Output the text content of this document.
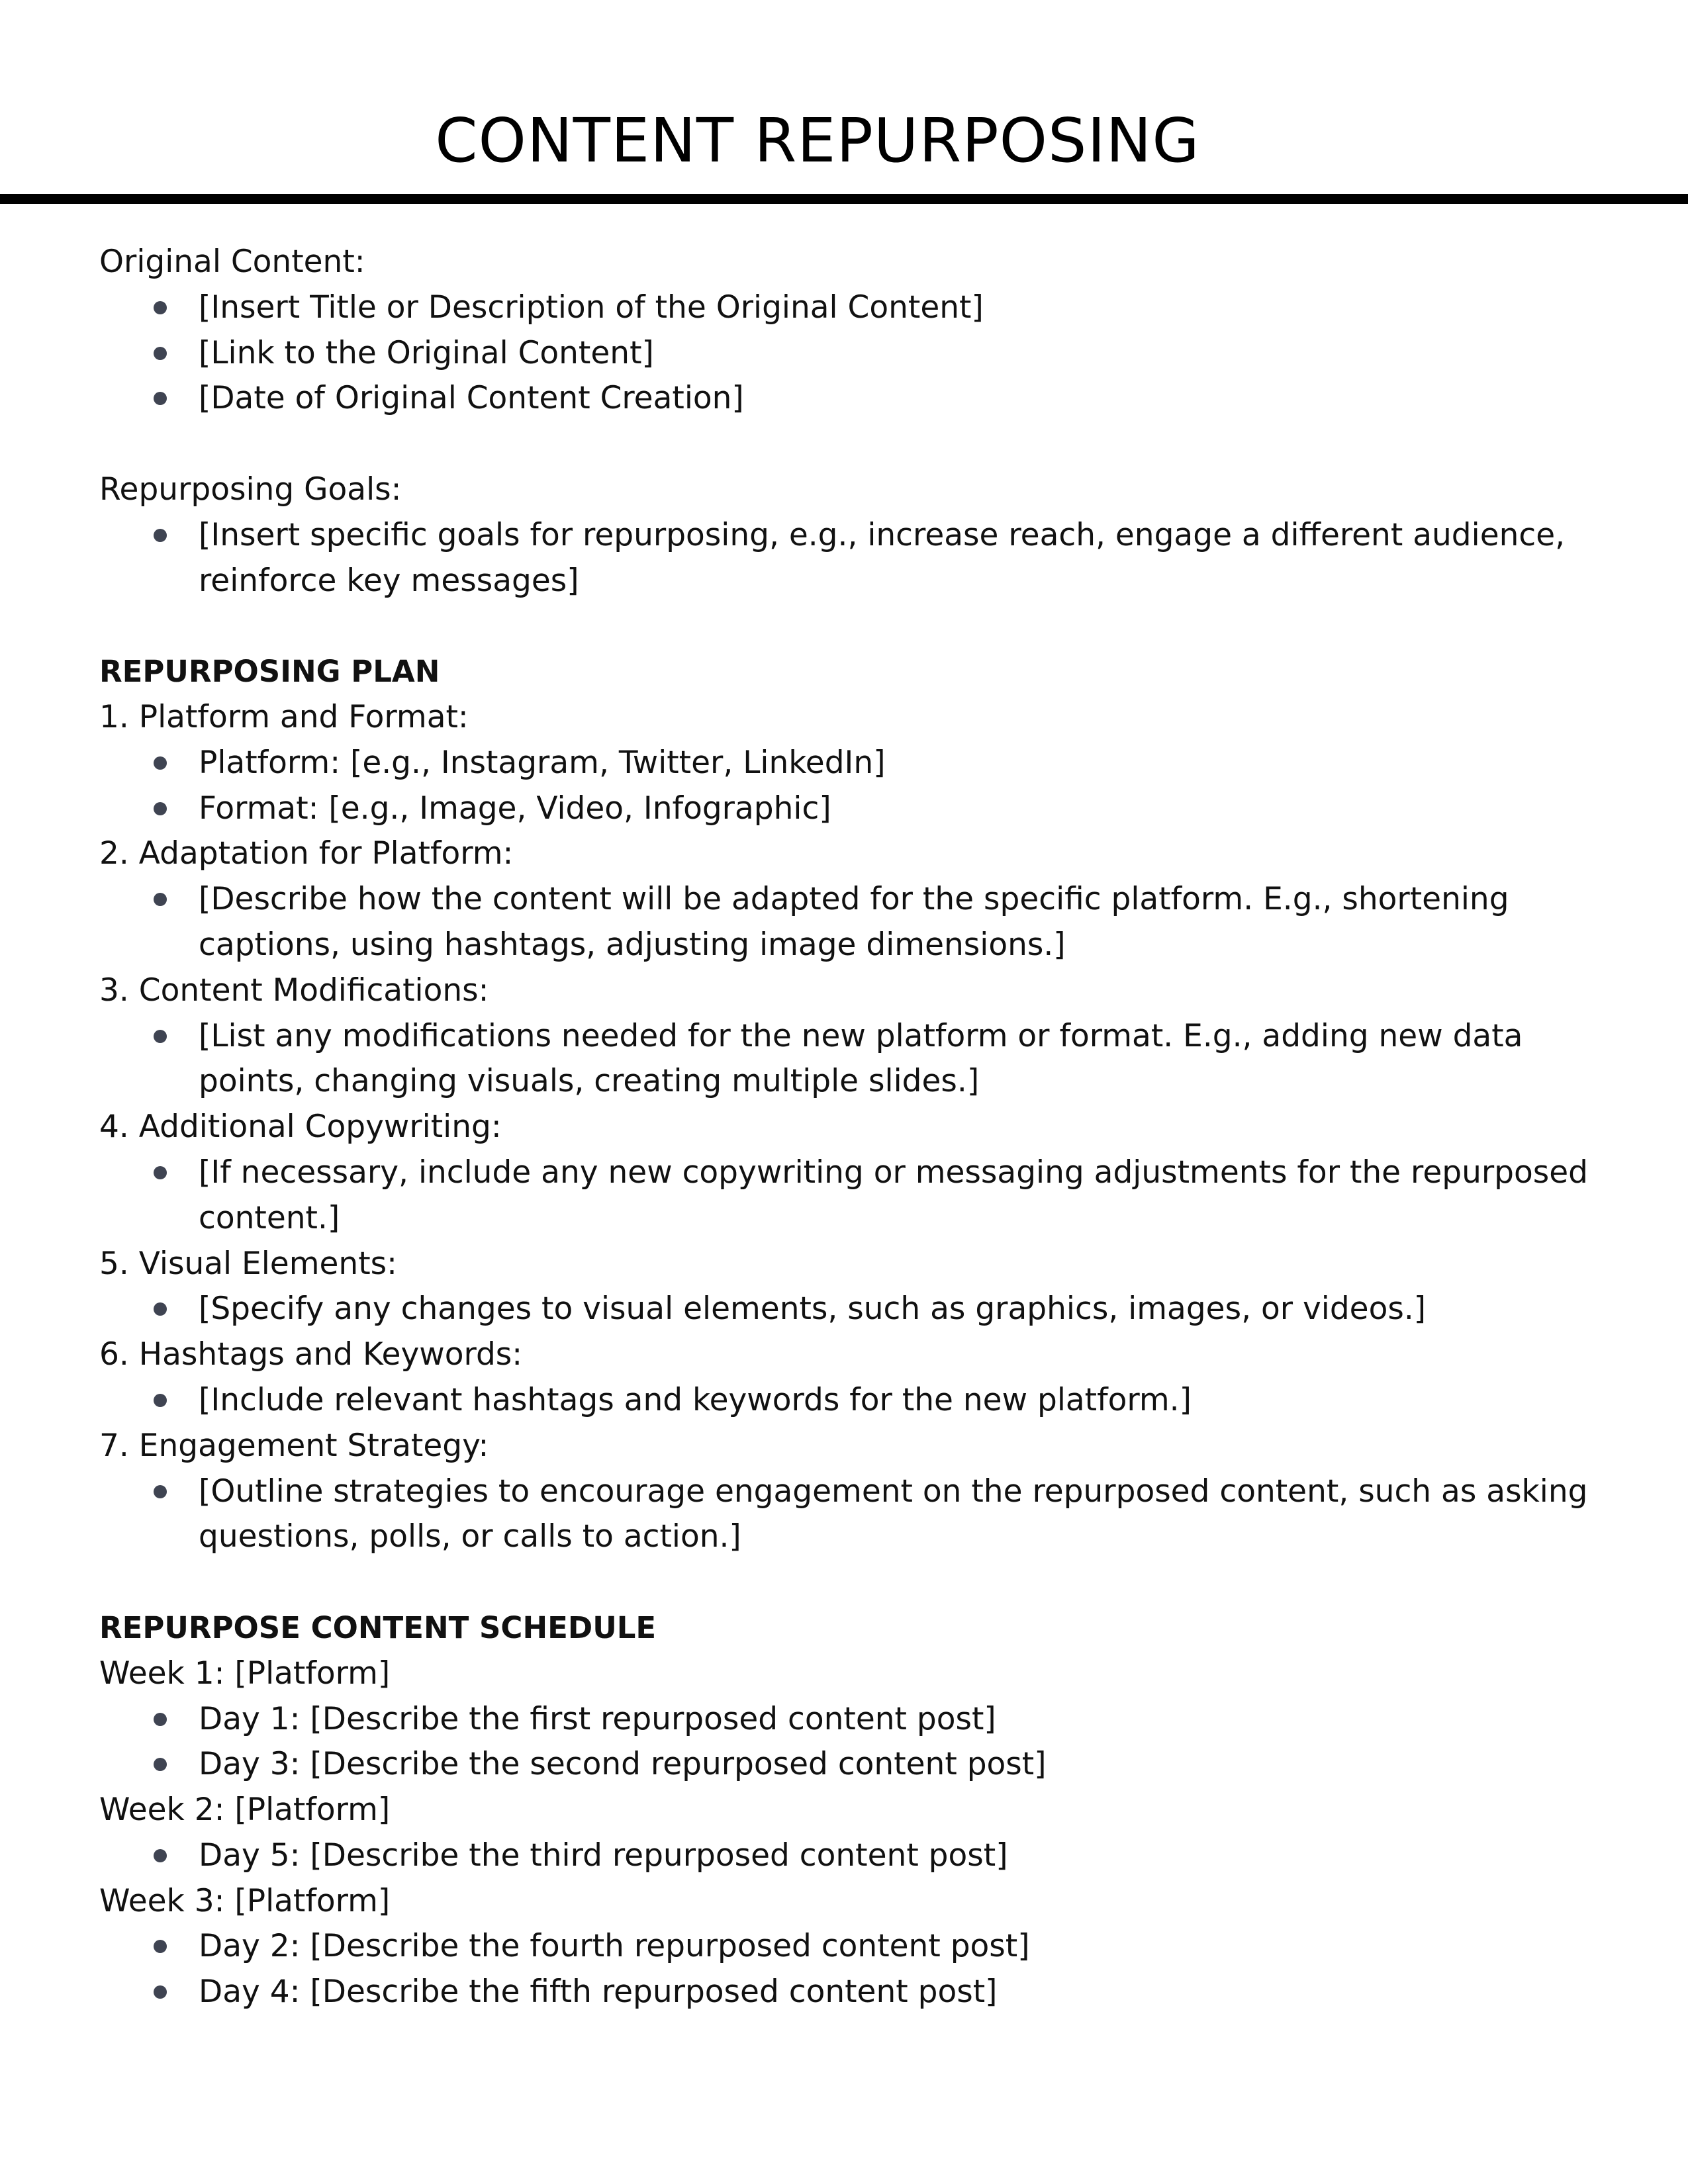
CONTENT REPURPOSING

Original Content:

[Insert Title or Description of the Original Content]
[Link to the Original Content]
[Date of Original Content Creation]

Repurposing Goals:

[Insert specific goals for repurposing, e.g., increase reach, engage a different audience, reinforce key messages]

REPURPOSING PLAN

1. Platform and Format:

Platform: [e.g., Instagram, Twitter, LinkedIn]
Format: [e.g., Image, Video, Infographic]

2. Adaptation for Platform:

[Describe how the content will be adapted for the specific platform. E.g., shortening captions, using hashtags, adjusting image dimensions.]

3. Content Modifications:

[List any modifications needed for the new platform or format. E.g., adding new data points, changing visuals, creating multiple slides.]

4. Additional Copywriting:

[If necessary, include any new copywriting or messaging adjustments for the repurposed content.]

5. Visual Elements:

[Specify any changes to visual elements, such as graphics, images, or videos.]

6. Hashtags and Keywords:

[Include relevant hashtags and keywords for the new platform.]

7. Engagement Strategy:

[Outline strategies to encourage engagement on the repurposed content, such as asking questions, polls, or calls to action.]

REPURPOSE CONTENT SCHEDULE

Week 1: [Platform]

Day 1: [Describe the first repurposed content post]
Day 3: [Describe the second repurposed content post]

Week 2: [Platform]

Day 5: [Describe the third repurposed content post]

Week 3: [Platform]

Day 2: [Describe the fourth repurposed content post]
Day 4: [Describe the fifth repurposed content post]
